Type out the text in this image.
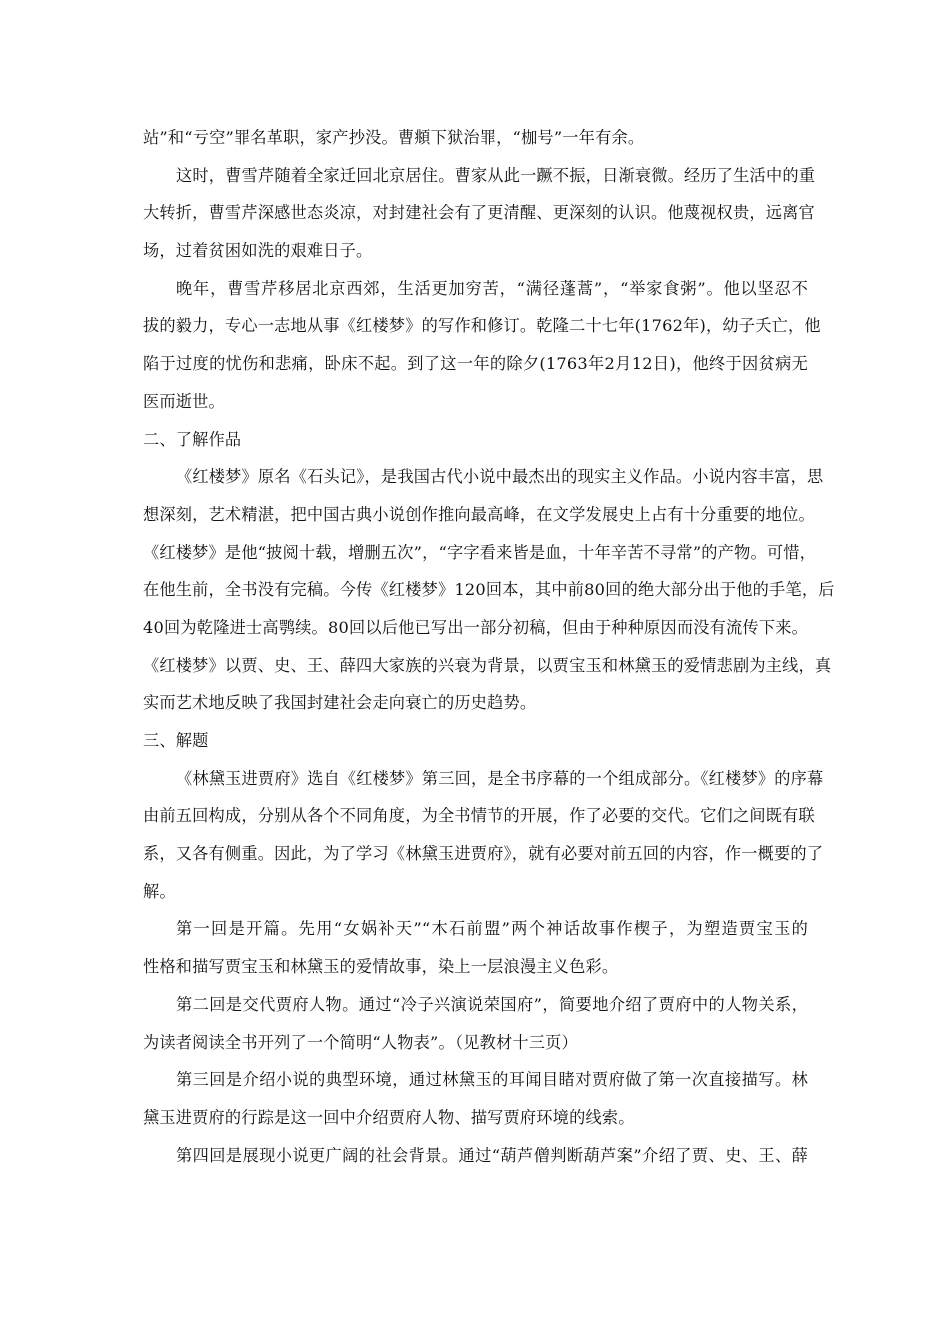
站”和“亏空”罪名革职，家产抄没。曹頫下狱治罪，“枷号”一年有余。
这时，曹雪芹随着全家迁回北京居住。曹家从此一蹶不振，日渐衰微。经历了生活中的重
大转折，曹雪芹深感世态炎凉，对封建社会有了更清醒、更深刻的认识。他蔑视权贵，远离官
场，过着贫困如洗的艰难日子。
晚年，曹雪芹移居北京西郊，生活更加穷苦，“满径蓬蒿”，“举家食粥”。他以坚忍不
拔的毅力，专心一志地从事《红楼梦》的写作和修订。乾隆二十七年(1762年)，幼子夭亡，他
陷于过度的忧伤和悲痛，卧床不起。到了这一年的除夕(1763年2月12日)，他终于因贫病无
医而逝世。
二、了解作品
《红楼梦》原名《石头记》，是我国古代小说中最杰出的现实主义作品。小说内容丰富，思
想深刻，艺术精湛，把中国古典小说创作推向最高峰，在文学发展史上占有十分重要的地位。
《红楼梦》是他“披阅十载，增删五次”，“字字看来皆是血，十年辛苦不寻常”的产物。可惜，
在他生前，全书没有完稿。今传《红楼梦》120回本，其中前80回的绝大部分出于他的手笔，后
40回为乾隆进士高鹗续。80回以后他已写出一部分初稿，但由于种种原因而没有流传下来。
《红楼梦》以贾、史、王、薛四大家族的兴衰为背景，以贾宝玉和林黛玉的爱情悲剧为主线，真
实而艺术地反映了我国封建社会走向衰亡的历史趋势。
三、解题
《林黛玉进贾府》选自《红楼梦》第三回，是全书序幕的一个组成部分。《红楼梦》的序幕
由前五回构成，分别从各个不同角度，为全书情节的开展，作了必要的交代。它们之间既有联
系，又各有侧重。因此，为了学习《林黛玉进贾府》，就有必要对前五回的内容，作一概要的了
解。
第一回是开篇。先用“女娲补天”“木石前盟”两个神话故事作楔子，为塑造贾宝玉的
性格和描写贾宝玉和林黛玉的爱情故事，染上一层浪漫主义色彩。
第二回是交代贾府人物。通过“冷子兴演说荣国府”，简要地介绍了贾府中的人物关系，
为读者阅读全书开列了一个简明“人物表”。（见教材十三页）
第三回是介绍小说的典型环境，通过林黛玉的耳闻目睹对贾府做了第一次直接描写。林
黛玉进贾府的行踪是这一回中介绍贾府人物、描写贾府环境的线索。
第四回是展现小说更广阔的社会背景。通过“葫芦僧判断葫芦案”介绍了贾、史、王、薛
